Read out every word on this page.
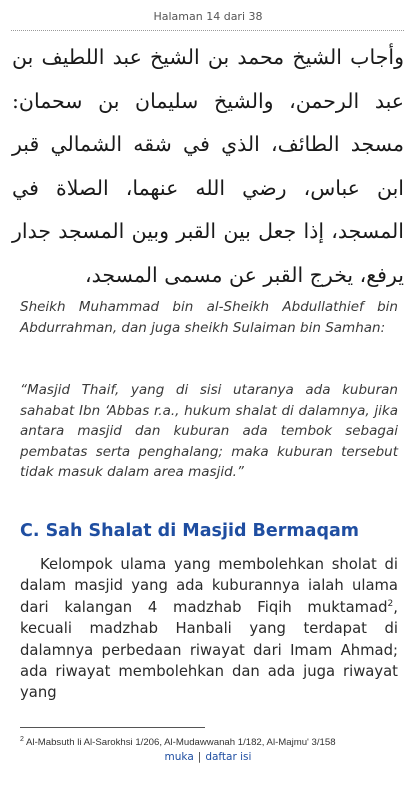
Halaman 14 dari 38
وأجاب الشيخ محمد بن الشيخ عبد اللطيف بن عبد الرحمن، والشيخ سليمان بن سحمان: مسجد الطائف، الذي في شقه الشمالي قبر ابن عباس، رضي الله عنهما، الصلاة في المسجد، إذا جعل بين القبر وبين المسجد جدار يرفع، يخرج القبر عن مسمى المسجد،

Sheikh Muhammad bin al-Sheikh Abdullathief bin Abdurrahman, dan juga sheikh Sulaiman bin Samhan:

“Masjid Thaif, yang di sisi utaranya ada kuburan sahabat Ibn ‘Abbas r.a., hukum shalat di dalamnya, jika antara masjid dan kuburan ada tembok sebagai pembatas serta penghalang; maka kuburan tersebut tidak masuk dalam area masjid.”

C. Sah Shalat di Masjid Bermaqam

Kelompok ulama yang membolehkan sholat di dalam masjid yang ada kuburannya ialah ulama dari kalangan 4 madzhab Fiqih muktamad$^2$, kecuali madzhab Hanbali yang terdapat di dalamnya perbedaan riwayat dari Imam Ahmad; ada riwayat membolehkan dan ada juga riwayat yang

$^2$ Al-Mabsuth li Al-Sarokhsi 1/206, Al-Mudawwanah 1/182, Al-Majmu' 3/158
muka | daftar isi
